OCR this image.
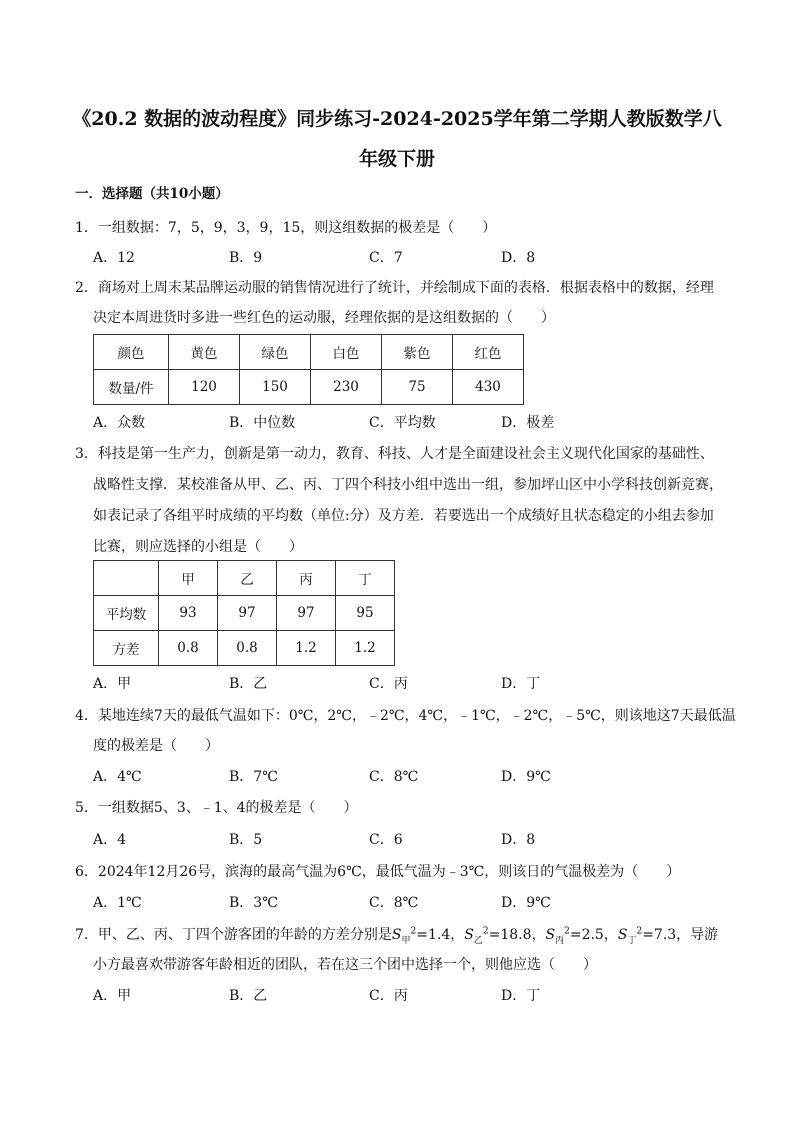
《20.2 数据的波动程度》同步练习-2024-2025学年第二学期人教版数学八
年级下册
一．选择题（共10小题）
1．一组数据：7，5，9，3，9，15，则这组数据的极差是（　　）
A．12	B．9	C．7	D．8
2．商场对上周末某品牌运动服的销售情况进行了统计，并绘制成下面的表格．根据表格中的数据，经理
决定本周进货时多进一些红色的运动服，经理依据的是这组数据的（　　）
颜色	黄色	绿色	白色	紫色	红色
数量/件	120	150	230	75	430
A．众数	B．中位数	C．平均数	D．极差
3．科技是第一生产力，创新是第一动力，教育、科技、人才是全面建设社会主义现代化国家的基础性、
战略性支撑．某校准备从甲、乙、丙、丁四个科技小组中选出一组，参加坪山区中小学科技创新竞赛，
如表记录了各组平时成绩的平均数（单位:分）及方差．若要选出一个成绩好且状态稳定的小组去参加
比赛，则应选择的小组是（　　）
	甲	乙	丙	丁
平均数	93	97	97	95
方差	0.8	0.8	1.2	1.2
A．甲	B．乙	C．丙	D．丁
4．某地连续7天的最低气温如下：0℃，2℃，﹣2℃，4℃，﹣1℃，﹣2℃，﹣5℃，则该地这7天最低温
度的极差是（　　）
A．4℃	B．7℃	C．8℃	D．9℃
5．一组数据5、3、﹣1、4的极差是（　　）
A．4	B．5	C．6	D．8
6．2024年12月26号，滨海的最高气温为6℃，最低气温为﹣3℃，则该日的气温极差为（　　）
A．1℃	B．3℃	C．8℃	D．9℃
7．甲、乙、丙、丁四个游客团的年龄的方差分别是$S_甲^2=1.4$，$S_乙^2=18.8$，$S_丙^2=2.5$，$S_丁^2=7.3$，导游
小方最喜欢带游客年龄相近的团队，若在这三个团中选择一个，则他应选（　　）
A．甲	B．乙	C．丙	D．丁
